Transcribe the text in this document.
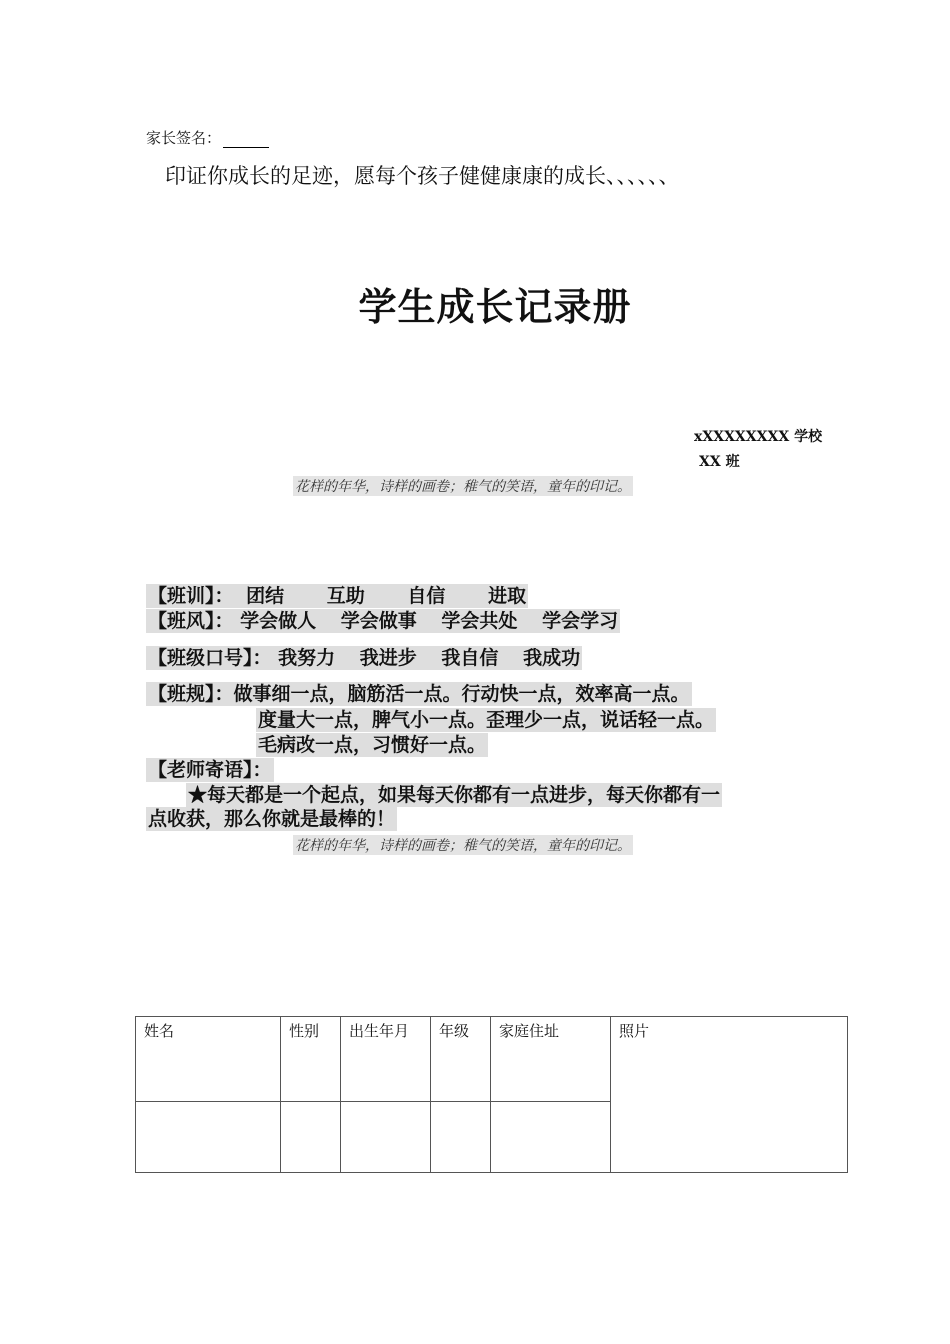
家长签名：
印证你成长的足迹，愿每个孩子健健康康的成长、、、、、、
学生成长记录册
xXXXXXXXX 学校
XX 班
花样的年华，诗样的画卷；稚气的笑语，童年的印记。
【班训】： 团结 互助 自信 进取
【班风】： 学会做人 学会做事 学会共处 学会学习
【班级口号】： 我努力 我进步 我自信 我成功
【班规】：做事细一点，脑筋活一点。行动快一点，效率高一点。
度量大一点，脾气小一点。歪理少一点，说话轻一点。
毛病改一点，习惯好一点。
【老师寄语】：
★每天都是一个起点，如果每天你都有一点进步，每天你都有一
点收获，那么你就是最棒的！
花样的年华，诗样的画卷；稚气的笑语，童年的印记。
姓名	性别	出生年月	年级	家庭住址	照片
